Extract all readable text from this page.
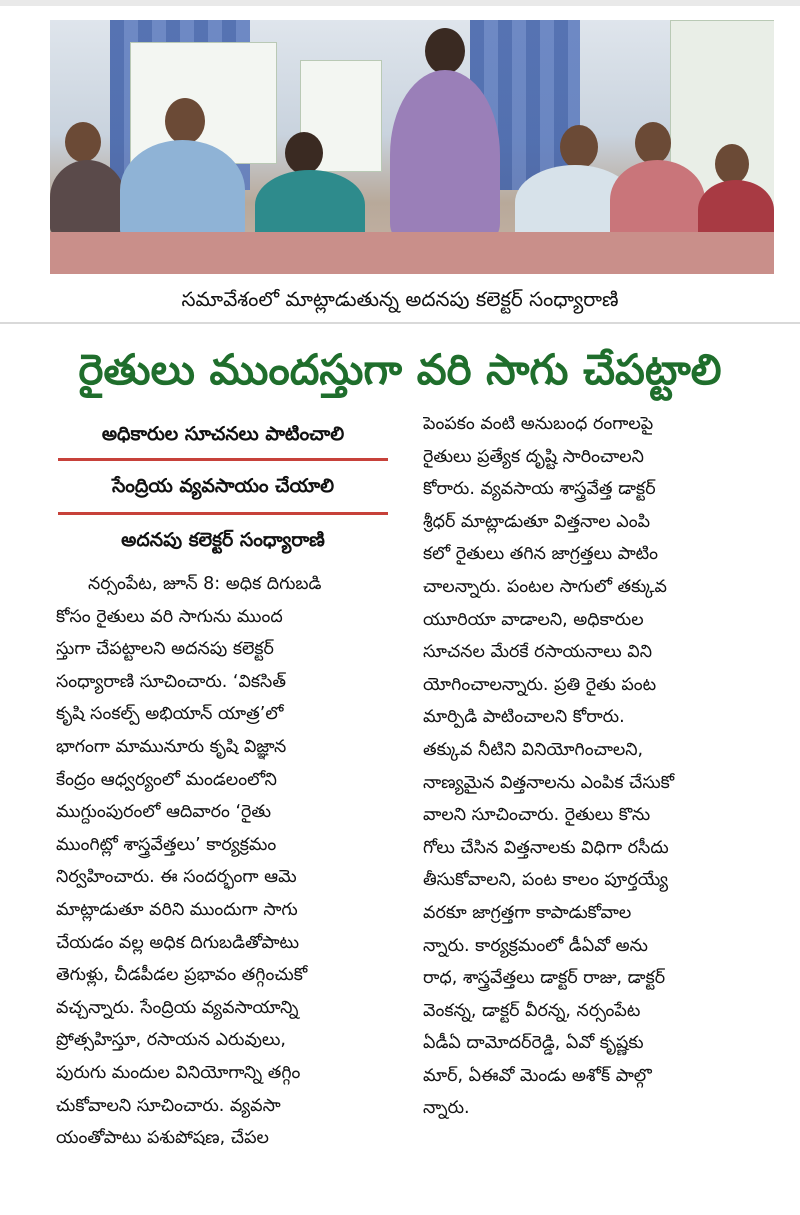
సమావేశంలో మాట్లాడుతున్న అదనపు కలెక్టర్ సంధ్యారాణి
రైతులు ముందస్తుగా వరి సాగు చేపట్టాలి
అధికారుల సూచనలు పాటించాలి
సేంద్రియ వ్యవసాయం చేయాలి
అదనపు కలెక్టర్ సంధ్యారాణి

నర్సంపేట, జూన్ 8: అధిక దిగుబడి

కోసం రైతులు వరి సాగును ముంద

స్తుగా చేపట్టాలని అదనపు కలెక్టర్

సంధ్యారాణి సూచించారు. ‘వికసిత్

కృషి సంకల్ప్ అభియాన్ యాత్ర’లో

భాగంగా మామునూరు కృషి విజ్ఞాన

కేంద్రం ఆధ్వర్యంలో మండలంలోని

ముగ్దుంపురంలో ఆదివారం ‘రైతు

ముంగిట్లో శాస్త్రవేత్తలు’ కార్యక్రమం

నిర్వహించారు. ఈ సందర్భంగా ఆమె

మాట్లాడుతూ వరిని ముందుగా సాగు

చేయడం వల్ల అధిక దిగుబడితోపాటు

తెగుళ్లు, చీడపీడల ప్రభావం తగ్గించుకో

వచ్చన్నారు. సేంద్రియ వ్యవసాయాన్ని

ప్రోత్సహిస్తూ, రసాయన ఎరువులు,

పురుగు మందుల వినియోగాన్ని తగ్గిం

చుకోవాలని సూచించారు. వ్యవసా

యంతోపాటు పశుపోషణ, చేపల

పెంపకం వంటి అనుబంధ రంగాలపై

రైతులు ప్రత్యేక దృష్టి సారించాలని

కోరారు. వ్యవసాయ శాస్త్రవేత్త డాక్టర్

శ్రీధర్ మాట్లాడుతూ విత్తనాల ఎంపి

కలో రైతులు తగిన జాగ్రత్తలు పాటిం

చాలన్నారు. పంటల సాగులో తక్కువ

యూరియా వాడాలని, అధికారుల

సూచనల మేరకే రసాయనాలు విని

యోగించాలన్నారు. ప్రతి రైతు పంట

మార్పిడి పాటించాలని కోరారు.

తక్కువ నీటిని వినియోగించాలని,

నాణ్యమైన విత్తనాలను ఎంపిక చేసుకో

వాలని సూచించారు. రైతులు కొను

గోలు చేసిన విత్తనాలకు విధిగా రసీదు

తీసుకోవాలని, పంట కాలం పూర్తయ్యే

వరకూ జాగ్రత్తగా కాపాడుకోవాల

న్నారు. కార్యక్రమంలో డీఏవో అను

రాధ, శాస్త్రవేత్తలు డాక్టర్ రాజు, డాక్టర్

వెంకన్న, డాక్టర్ వీరన్న, నర్సంపేట

ఏడీఏ దామోదర్‌రెడ్డి, ఏవో కృష్ణకు

మార్, ఏఈవో మెండు అశోక్ పాల్గొ

న్నారు.
